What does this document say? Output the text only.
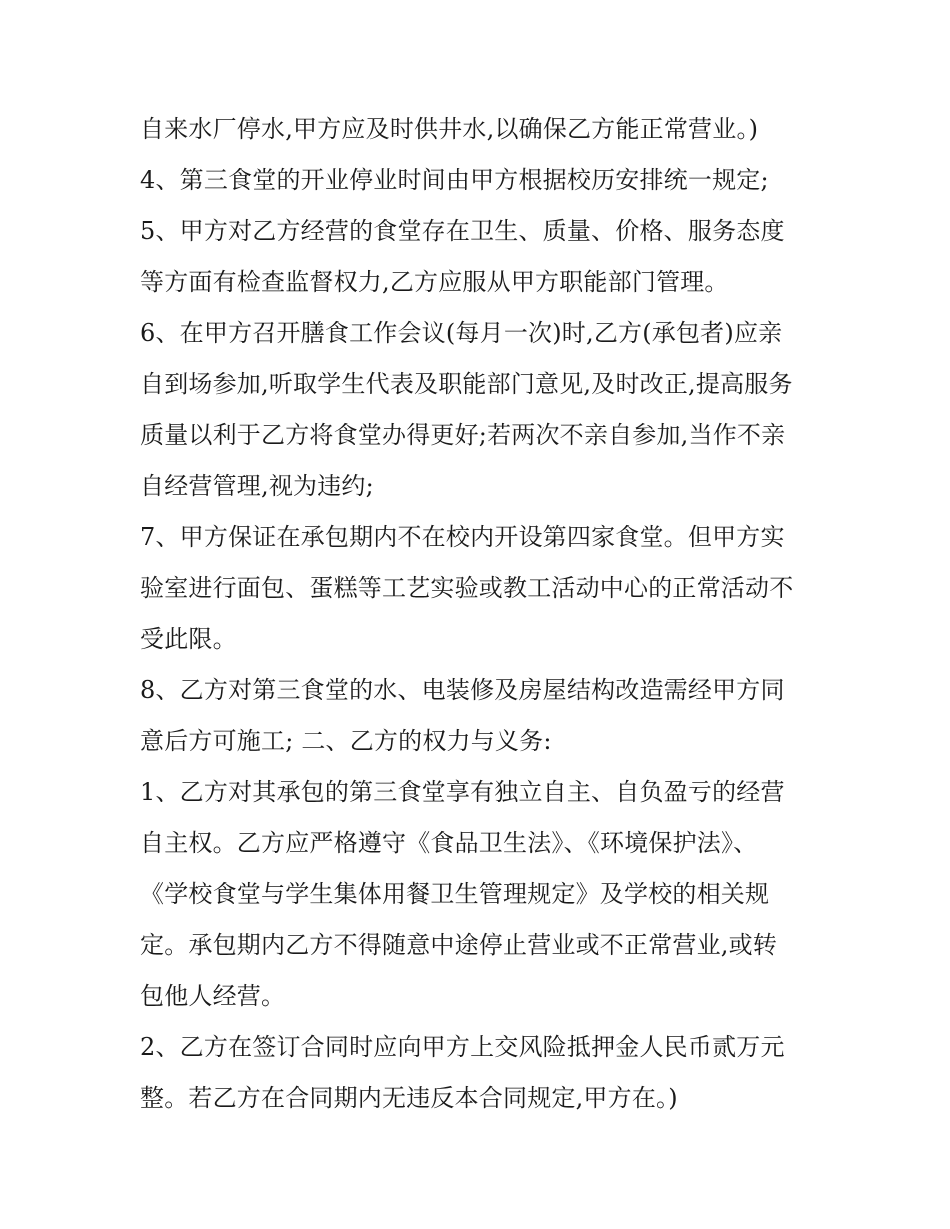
自来水厂停水,甲方应及时供井水,以确保乙方能正常营业。)
4、第三食堂的开业停业时间由甲方根据校历安排统一规定;
5、甲方对乙方经营的食堂存在卫生、质量、价格、服务态度
等方面有检查监督权力,乙方应服从甲方职能部门管理。
6、在甲方召开膳食工作会议(每月一次)时,乙方(承包者)应亲
自到场参加,听取学生代表及职能部门意见,及时改正,提高服务
质量以利于乙方将食堂办得更好;若两次不亲自参加,当作不亲
自经营管理,视为违约;
7、甲方保证在承包期内不在校内开设第四家食堂。但甲方实
验室进行面包、蛋糕等工艺实验或教工活动中心的正常活动不
受此限。
8、乙方对第三食堂的水、电装修及房屋结构改造需经甲方同
意后方可施工; 二、乙方的权力与义务:
1、乙方对其承包的第三食堂享有独立自主、自负盈亏的经营
自主权。乙方应严格遵守《食品卫生法》、《环境保护法》、
《学校食堂与学生集体用餐卫生管理规定》及学校的相关规
定。承包期内乙方不得随意中途停止营业或不正常营业,或转
包他人经营。
2、乙方在签订合同时应向甲方上交风险抵押金人民币贰万元
整。若乙方在合同期内无违反本合同规定,甲方在。)
